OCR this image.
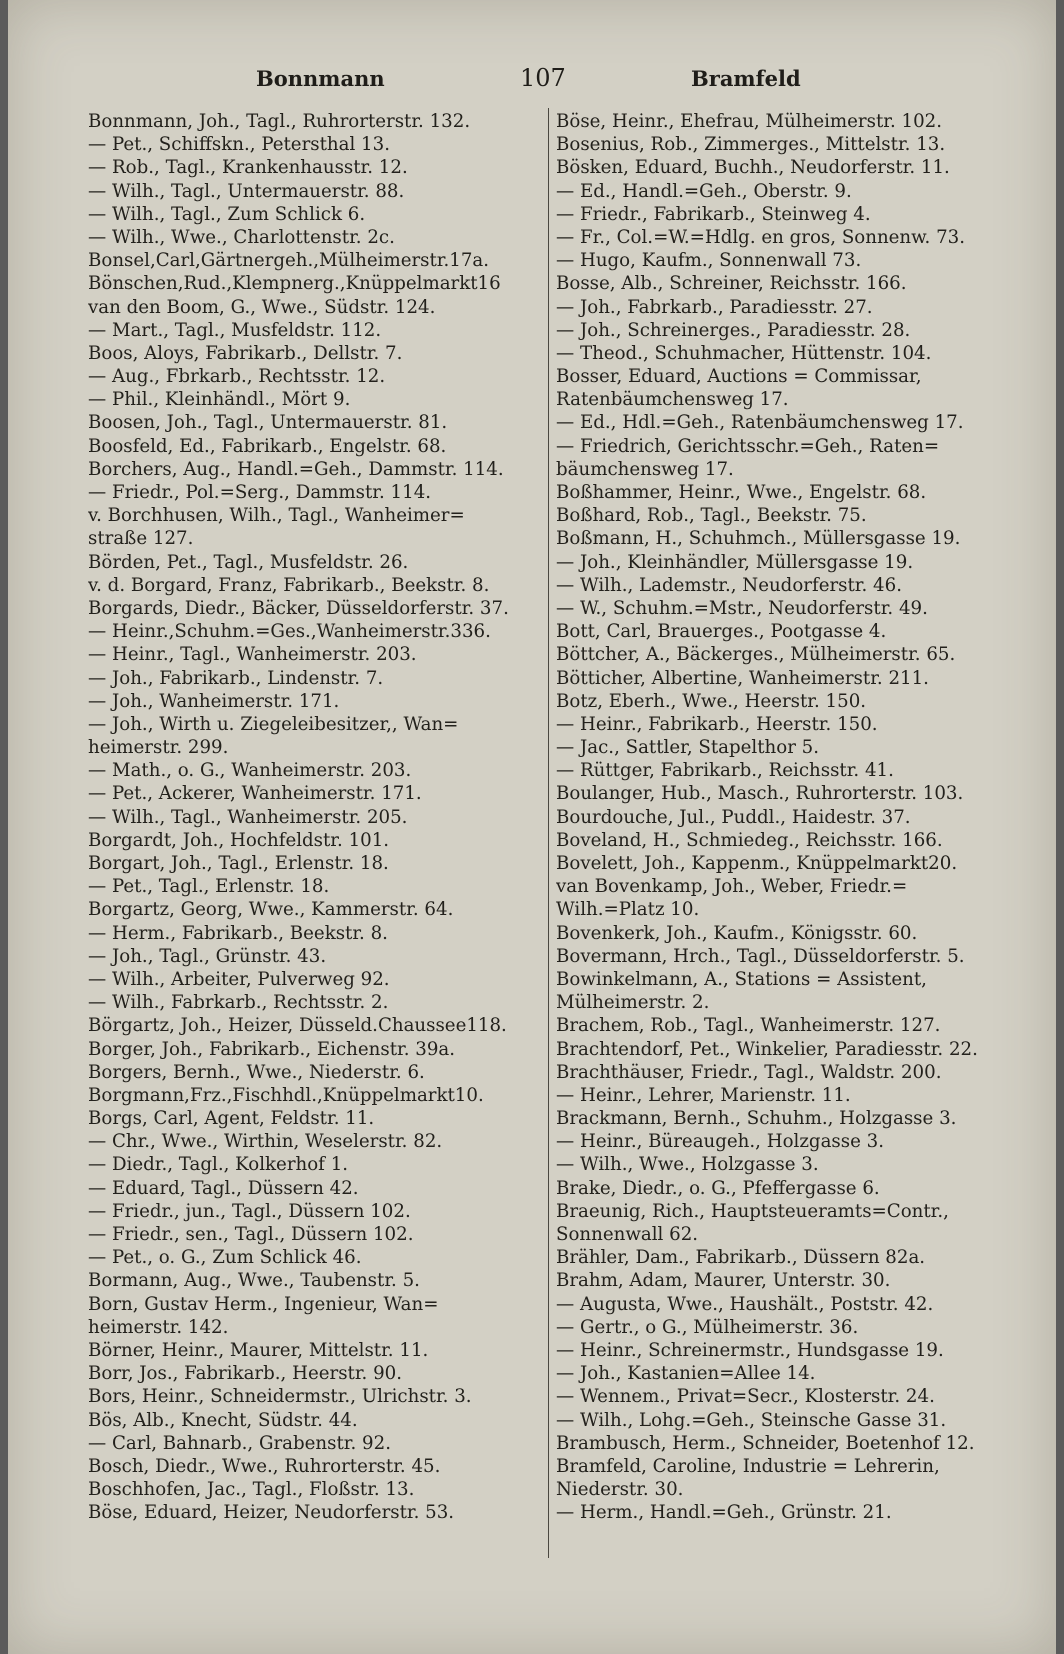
Bonnmann	107	Bramfeld
Bonnmann, Joh., Tagl., Ruhrorterstr. 132.
— Pet., Schiffskn., Petersthal 13.
— Rob., Tagl., Krankenhausstr. 12.
— Wilh., Tagl., Untermauerstr. 88.
— Wilh., Tagl., Zum Schlick 6.
— Wilh., Wwe., Charlottenstr. 2c.
Bonsel,Carl,Gärtnergeh.,Mülheimerstr.17a.
Bönschen,Rud.,Klempnerg.,Knüppelmarkt16
van den Boom, G., Wwe., Südstr. 124.
— Mart., Tagl., Musfeldstr. 112.
Boos, Aloys, Fabrikarb., Dellstr. 7.
— Aug., Fbrkarb., Rechtsstr. 12.
— Phil., Kleinhändl., Mört 9.
Boosen, Joh., Tagl., Untermauerstr. 81.
Boosfeld, Ed., Fabrikarb., Engelstr. 68.
Borchers, Aug., Handl.=Geh., Dammstr. 114.
— Friedr., Pol.=Serg., Dammstr. 114.
v. Borchhusen, Wilh., Tagl., Wanheimer=
straße 127.
Börden, Pet., Tagl., Musfeldstr. 26.
v. d. Borgard, Franz, Fabrikarb., Beekstr. 8.
Borgards, Diedr., Bäcker, Düsseldorferstr. 37.
— Heinr.,Schuhm.=Ges.,Wanheimerstr.336.
— Heinr., Tagl., Wanheimerstr. 203.
— Joh., Fabrikarb., Lindenstr. 7.
— Joh., Wanheimerstr. 171.
— Joh., Wirth u. Ziegeleibesitzer,, Wan=
heimerstr. 299.
— Math., o. G., Wanheimerstr. 203.
— Pet., Ackerer, Wanheimerstr. 171.
— Wilh., Tagl., Wanheimerstr. 205.
Borgardt, Joh., Hochfeldstr. 101.
Borgart, Joh., Tagl., Erlenstr. 18.
— Pet., Tagl., Erlenstr. 18.
Borgartz, Georg, Wwe., Kammerstr. 64.
— Herm., Fabrikarb., Beekstr. 8.
— Joh., Tagl., Grünstr. 43.
— Wilh., Arbeiter, Pulverweg 92.
— Wilh., Fabrkarb., Rechtsstr. 2.
Börgartz, Joh., Heizer, Düsseld.Chaussee118.
Borger, Joh., Fabrikarb., Eichenstr. 39a.
Borgers, Bernh., Wwe., Niederstr. 6.
Borgmann,Frz.,Fischhdl.,Knüppelmarkt10.
Borgs, Carl, Agent, Feldstr. 11.
— Chr., Wwe., Wirthin, Weselerstr. 82.
— Diedr., Tagl., Kolkerhof 1.
— Eduard, Tagl., Düssern 42.
— Friedr., jun., Tagl., Düssern 102.
— Friedr., sen., Tagl., Düssern 102.
— Pet., o. G., Zum Schlick 46.
Bormann, Aug., Wwe., Taubenstr. 5.
Born, Gustav Herm., Ingenieur, Wan=
heimerstr. 142.
Börner, Heinr., Maurer, Mittelstr. 11.
Borr, Jos., Fabrikarb., Heerstr. 90.
Bors, Heinr., Schneidermstr., Ulrichstr. 3.
Bös, Alb., Knecht, Südstr. 44.
— Carl, Bahnarb., Grabenstr. 92.
Bosch, Diedr., Wwe., Ruhrorterstr. 45.
Boschhofen, Jac., Tagl., Floßstr. 13.
Böse, Eduard, Heizer, Neudorferstr. 53.
Böse, Heinr., Ehefrau, Mülheimerstr. 102.
Bosenius, Rob., Zimmerges., Mittelstr. 13.
Bösken, Eduard, Buchh., Neudorferstr. 11.
— Ed., Handl.=Geh., Oberstr. 9.
— Friedr., Fabrikarb., Steinweg 4.
— Fr., Col.=W.=Hdlg. en gros, Sonnenw. 73.
— Hugo, Kaufm., Sonnenwall 73.
Bosse, Alb., Schreiner, Reichsstr. 166.
— Joh., Fabrkarb., Paradiesstr. 27.
— Joh., Schreinerges., Paradiesstr. 28.
— Theod., Schuhmacher, Hüttenstr. 104.
Bosser, Eduard, Auctions = Commissar,
Ratenbäumchensweg 17.
— Ed., Hdl.=Geh., Ratenbäumchensweg 17.
— Friedrich, Gerichtsschr.=Geh., Raten=
bäumchensweg 17.
Boßhammer, Heinr., Wwe., Engelstr. 68.
Boßhard, Rob., Tagl., Beekstr. 75.
Boßmann, H., Schuhmch., Müllersgasse 19.
— Joh., Kleinhändler, Müllersgasse 19.
— Wilh., Lademstr., Neudorferstr. 46.
— W., Schuhm.=Mstr., Neudorferstr. 49.
Bott, Carl, Brauerges., Pootgasse 4.
Böttcher, A., Bäckerges., Mülheimerstr. 65.
Bötticher, Albertine, Wanheimerstr. 211.
Botz, Eberh., Wwe., Heerstr. 150.
— Heinr., Fabrikarb., Heerstr. 150.
— Jac., Sattler, Stapelthor 5.
— Rüttger, Fabrikarb., Reichsstr. 41.
Boulanger, Hub., Masch., Ruhrorterstr. 103.
Bourdouche, Jul., Puddl., Haidestr. 37.
Boveland, H., Schmiedeg., Reichsstr. 166.
Bovelett, Joh., Kappenm., Knüppelmarkt20.
van Bovenkamp, Joh., Weber, Friedr.=
Wilh.=Platz 10.
Bovenkerk, Joh., Kaufm., Königsstr. 60.
Bovermann, Hrch., Tagl., Düsseldorferstr. 5.
Bowinkelmann, A., Stations = Assistent,
Mülheimerstr. 2.
Brachem, Rob., Tagl., Wanheimerstr. 127.
Brachtendorf, Pet., Winkelier, Paradiesstr. 22.
Brachthäuser, Friedr., Tagl., Waldstr. 200.
— Heinr., Lehrer, Marienstr. 11.
Brackmann, Bernh., Schuhm., Holzgasse 3.
— Heinr., Büreaugeh., Holzgasse 3.
— Wilh., Wwe., Holzgasse 3.
Brake, Diedr., o. G., Pfeffergasse 6.
Braeunig, Rich., Hauptsteueramts=Contr.,
Sonnenwall 62.
Brähler, Dam., Fabrikarb., Düssern 82a.
Brahm, Adam, Maurer, Unterstr. 30.
— Augusta, Wwe., Haushält., Poststr. 42.
— Gertr., o G., Mülheimerstr. 36.
— Heinr., Schreinermstr., Hundsgasse 19.
— Joh., Kastanien=Allee 14.
— Wennem., Privat=Secr., Klosterstr. 24.
— Wilh., Lohg.=Geh., Steinsche Gasse 31.
Brambusch, Herm., Schneider, Boetenhof 12.
Bramfeld, Caroline, Industrie = Lehrerin,
Niederstr. 30.
— Herm., Handl.=Geh., Grünstr. 21.
